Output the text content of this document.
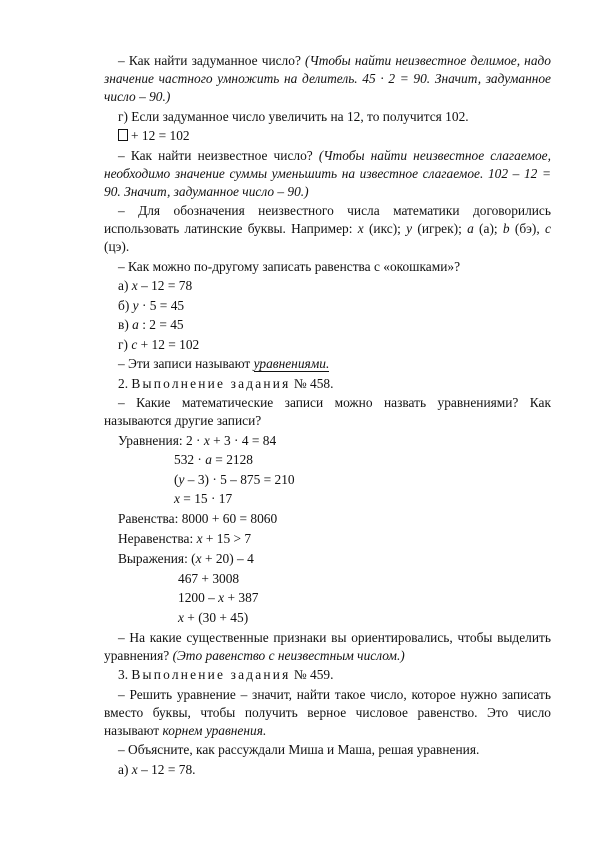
– Как найти задуманное число? (Чтобы найти неизвестное делимое, надо значение частного умножить на делитель. 45 · 2 = 90. Значит, задуманное число – 90.)

г) Если задуманное число увеличить на 12, то получится 102.

+ 12 = 102

– Как найти неизвестное число? (Чтобы найти неизвестное слагаемое, необходимо значение суммы уменьшить на известное слагаемое. 102 – 12 = 90. Значит, задуманное число – 90.)

– Для обозначения неизвестного числа математики договорились использовать латинские буквы. Например: x (икс); y (игрек); a (а); b (бэ), c (цэ).

– Как можно по-другому записать равенства с «окошками»?

а) x – 12 = 78
б) y · 5 = 45
в) a : 2 = 45
г) c + 12 = 102

– Эти записи называют уравнениями.

2. Выполнение задания № 458.

– Какие математические записи можно назвать уравнениями? Как называются другие записи?

Уравнения: 2 · x + 3 · 4 = 84
532 · a = 2128
(y – 3) · 5 – 875 = 210
x = 15 · 17
Равенства: 8000 + 60 = 8060
Неравенства: x + 15 > 7
Выражения: (x + 20) – 4
467 + 3008
1200 – x + 387
x + (30 + 45)

– На какие существенные признаки вы ориентировались, чтобы выделить уравнения? (Это равенство с неизвестным числом.)

3. Выполнение задания № 459.

– Решить уравнение – значит, найти такое число, которое нужно записать вместо буквы, чтобы получить верное числовое равенство. Это число называют корнем уравнения.

– Объясните, как рассуждали Миша и Маша, решая уравнения.

а) x – 12 = 78.
